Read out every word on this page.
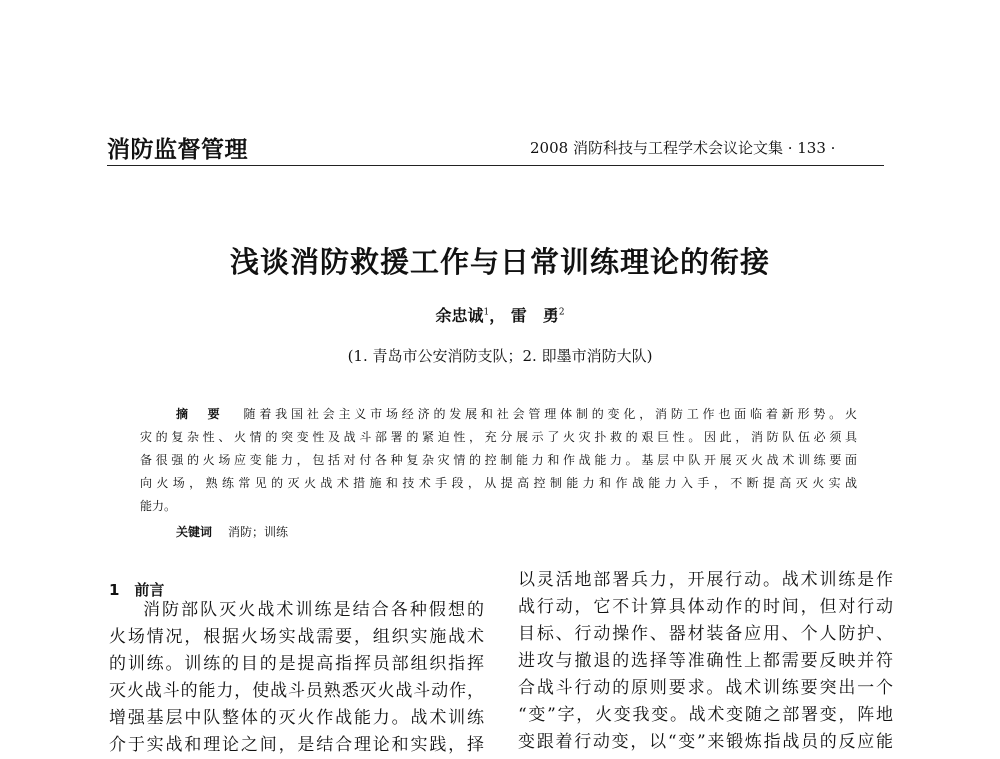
消防监督管理	2008 消防科技与工程学术会议论文集 · 133 ·
浅谈消防救援工作与日常训练理论的衔接
余忠诚$^1$， 雷　勇$^2$
(1. 青岛市公安消防支队；2. 即墨市消防大队)
摘　要 随着我国社会主义市场经济的发展和社会管理体制的变化，消防工作也面临着新形势。火
灾的复杂性、火情的突变性及战斗部署的紧迫性，充分展示了火灾扑救的艰巨性。因此，消防队伍必须具
备很强的火场应变能力，包括对付各种复杂灾情的控制能力和作战能力。基层中队开展灭火战术训练要面
向火场，熟练常见的灭火战术措施和技术手段，从提高控制能力和作战能力入手，不断提高灭火实战
能力。
关键词 消防；训练
1　前言
消防部队灭火战术训练是结合各种假想的
火场情况，根据火场实战需要，组织实施战术
的训练。训练的目的是提高指挥员部组织指挥
灭火战斗的能力，使战斗员熟悉灭火战斗动作，
增强基层中队整体的灭火作战能力。战术训练
介于实战和理论之间，是结合理论和实践，择
以灵活地部署兵力，开展行动。战术训练是作
战行动，它不计算具体动作的时间，但对行动
目标、行动操作、器材装备应用、个人防护、
进攻与撤退的选择等准确性上都需要反映并符
合战斗行动的原则要求。战术训练要突出一个
“变”字，火变我变。战术变随之部署变，阵地
变跟着行动变，以“变”来锻炼指战员的反应能
